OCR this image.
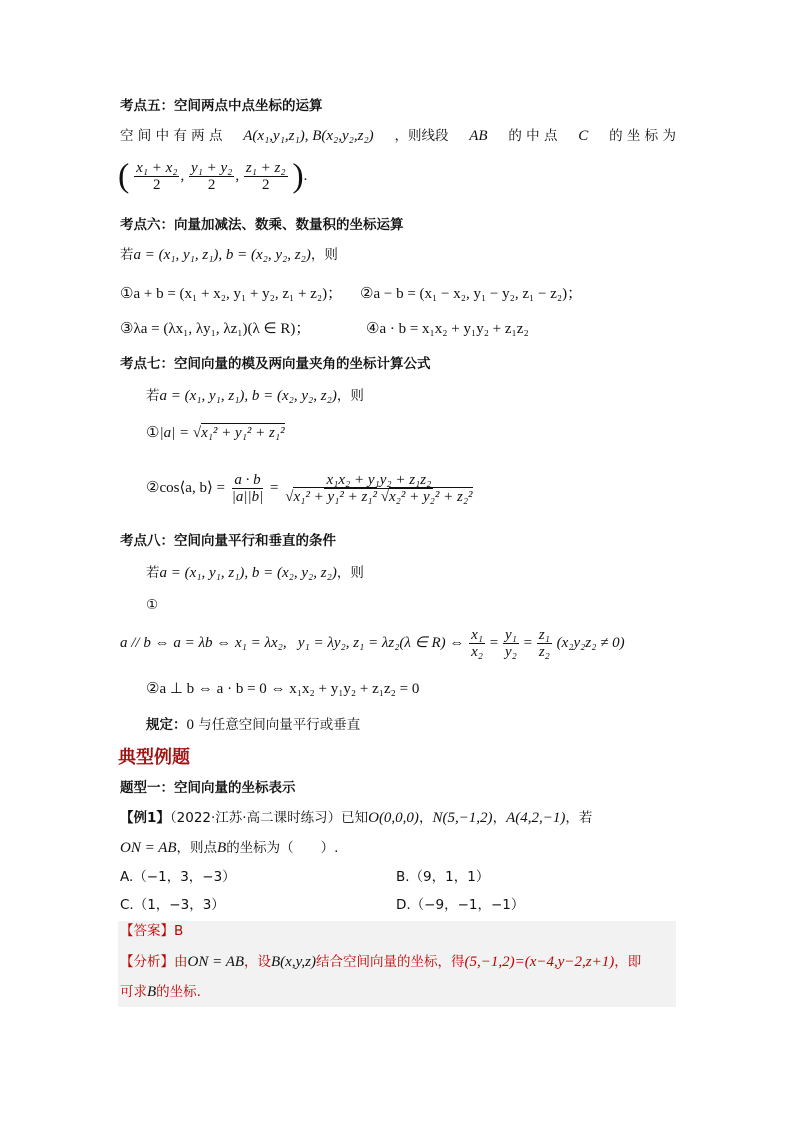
考点五：空间两点中点坐标的运算
空 间 中 有 两 点 A(x₁,y₁,z₁), B(x₂,y₂,z₂) ，则线段 AB 的 中 点 C 的 坐 标 为
( $\frac{\text{x₁ + x₂}}{2}$ , $\frac{\text{y₁ + y₂}}{2}$ , $\frac{\text{z₁ + z₂}}{2}$ ).
考点六：向量加减法、数乘、数量积的坐标运算
若a = (x₁, y₁, z₁), b = (x₂, y₂, z₂)，则
①a + b = (x₁ + x₂, y₁ + y₂, z₁ + z₂)； ②a − b = (x₁ − x₂, y₁ − y₂, z₁ − z₂)；
③λa = (λx₁, λy₁, λz₁)(λ ∈ R)；	④a · b = x₁x₂ + y₁y₂ + z₁z₂
考点七：空间向量的模及两向量夹角的坐标计算公式
若a = (x₁, y₁, z₁), b = (x₂, y₂, z₂)，则
①|a| = √x₁² + y₁² + z₁²
②cos⟨a, b⟩ = $\frac{a \cdot b}{|a||b|} = \frac{\text{x₁x₂ + y₁y₂ + z₁z₂}}{\text{√x₁² + y₁² + z₁² √x₂² + y₂² + z₂²}}$
考点八：空间向量平行和垂直的条件
若a = (x₁, y₁, z₁), b = (x₂, y₂, z₂)，则
①
a // b ⇔ a = λb ⇔ x₁ = λx₂, y₁ = λy₂, z₁ = λz₂(λ ∈ R) ⇔ $\frac{\text{x₁}}{\text{x₂}} = \frac{\text{y₁}}{\text{y₂}} = \frac{\text{z₁}}{\text{z₂}} (x_2y_2z_2 \ne 0)$
②a ⊥ b ⇔ a · b = 0 ⇔ x₁x₂ + y₁y₂ + z₁z₂ = 0
规定：0 与任意空间向量平行或垂直
典型例题
题型一：空间向量的坐标表示
【例1】（2022·江苏·高二课时练习）已知O(0,0,0)，N(5,−1,2)，A(4,2,−1)，若
ON = AB，则点B的坐标为（　　）.
A.（−1，3，−3）	B.（9，1，1）
C.（1，−3，3）	D.（−9，−1，−1）
【答案】B
【分析】由ON = AB，设B(x,y,z)结合空间向量的坐标，得(5,−1,2)=(x−4,y−2,z+1)，即
可求B的坐标.
